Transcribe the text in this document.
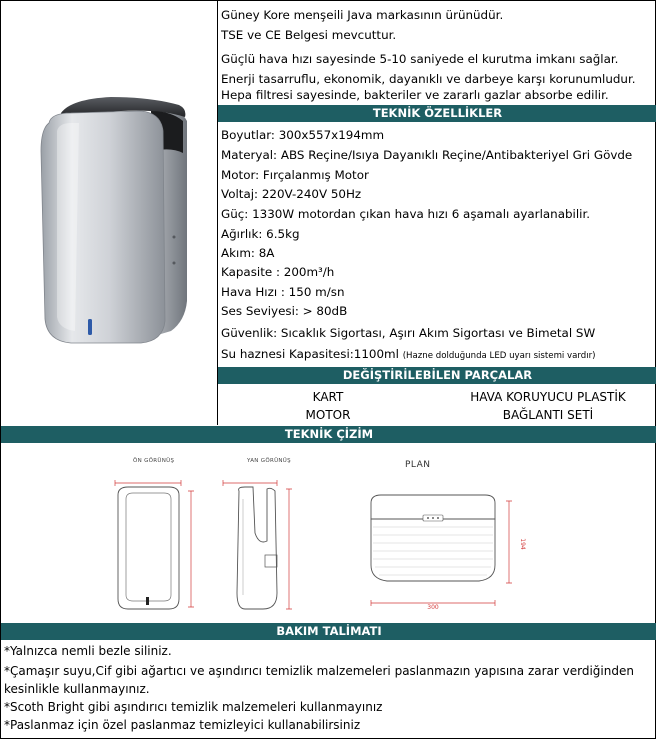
Güney Kore menşeili Java markasının ürünüdür.
TSE ve CE Belgesi mevcuttur.
Güçlü hava hızı sayesinde 5-10 saniyede el kurutma imkanı sağlar.
Enerji tasarruflu, ekonomik, dayanıklı ve darbeye karşı korunumludur.
Hepa filtresi sayesinde, bakteriler ve zararlı gazlar absorbe edilir.
TEKNİK ÖZELLİKLER
Boyutlar: 300x557x194mm
Materyal: ABS Reçine/Isıya Dayanıklı Reçine/Antibakteriyel Gri Gövde
Motor: Fırçalanmış Motor
Voltaj: 220V-240V 50Hz
Güç: 1330W motordan çıkan hava hızı 6 aşamalı ayarlanabilir.
Ağırlık: 6.5kg
Akım: 8A
Kapasite : 200m³/h
Hava Hızı : 150 m/sn
Ses Seviyesi: > 80dB
Güvenlik: Sıcaklık Sigortası, Aşırı Akım Sigortası ve Bimetal SW
Su haznesi Kapasitesi:1100ml (Hazne dolduğunda LED uyarı sistemi vardır)
DEĞİŞTİRİLEBİLEN PARÇALAR
KART	HAVA KORUYUCU PLASTİK
MOTOR	BAĞLANTI SETİ
TEKNİK ÇİZİM
ÖN GÖRÜNÜŞ	YAN GÖRÜNÜŞ	PLAN
300
194
BAKIM TALİMATI
*Yalnızca nemli bezle siliniz.
*Çamaşır suyu,Cif gibi ağartıcı ve aşındırıcı temizlik malzemeleri paslanmazın yapısına zarar verdiğinden
kesinlikle kullanmayınız.
*Scoth Bright gibi aşındırıcı temizlik malzemeleri kullanmayınız
*Paslanmaz için özel paslanmaz temizleyici kullanabilirsiniz
